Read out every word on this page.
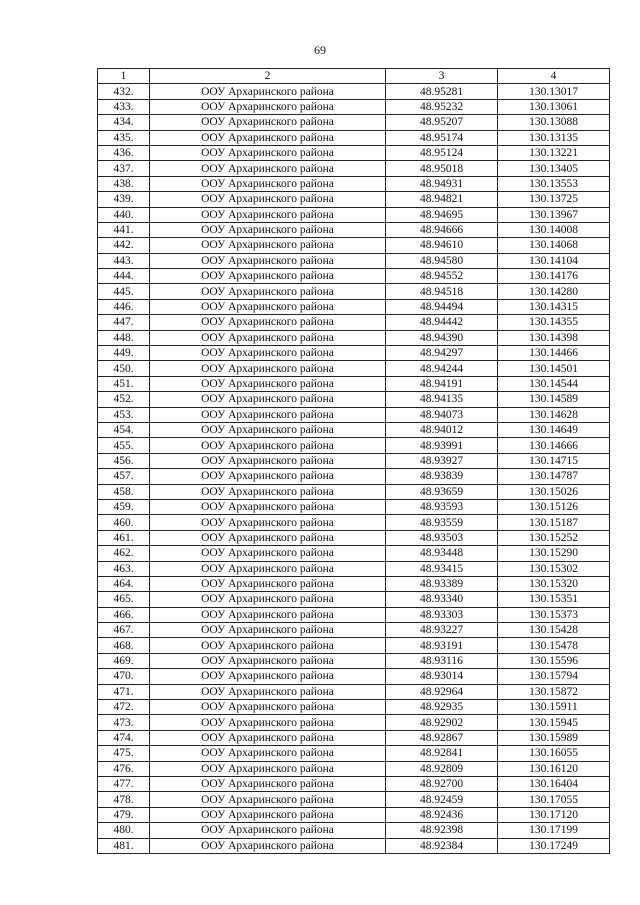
69
1	2	3	4
432.	ООУ Архаринского района	48.95281	130.13017
433.	ООУ Архаринского района	48.95232	130.13061
434.	ООУ Архаринского района	48.95207	130.13088
435.	ООУ Архаринского района	48.95174	130.13135
436.	ООУ Архаринского района	48.95124	130.13221
437.	ООУ Архаринского района	48.95018	130.13405
438.	ООУ Архаринского района	48.94931	130.13553
439.	ООУ Архаринского района	48.94821	130.13725
440.	ООУ Архаринского района	48.94695	130.13967
441.	ООУ Архаринского района	48.94666	130.14008
442.	ООУ Архаринского района	48.94610	130.14068
443.	ООУ Архаринского района	48.94580	130.14104
444.	ООУ Архаринского района	48.94552	130.14176
445.	ООУ Архаринского района	48.94518	130.14280
446.	ООУ Архаринского района	48.94494	130.14315
447.	ООУ Архаринского района	48.94442	130.14355
448.	ООУ Архаринского района	48.94390	130.14398
449.	ООУ Архаринского района	48.94297	130.14466
450.	ООУ Архаринского района	48.94244	130.14501
451.	ООУ Архаринского района	48.94191	130.14544
452.	ООУ Архаринского района	48.94135	130.14589
453.	ООУ Архаринского района	48.94073	130.14628
454.	ООУ Архаринского района	48.94012	130.14649
455.	ООУ Архаринского района	48.93991	130.14666
456.	ООУ Архаринского района	48.93927	130.14715
457.	ООУ Архаринского района	48.93839	130.14787
458.	ООУ Архаринского района	48.93659	130.15026
459.	ООУ Архаринского района	48.93593	130.15126
460.	ООУ Архаринского района	48.93559	130.15187
461.	ООУ Архаринского района	48.93503	130.15252
462.	ООУ Архаринского района	48.93448	130.15290
463.	ООУ Архаринского района	48.93415	130.15302
464.	ООУ Архаринского района	48.93389	130.15320
465.	ООУ Архаринского района	48.93340	130.15351
466.	ООУ Архаринского района	48.93303	130.15373
467.	ООУ Архаринского района	48.93227	130.15428
468.	ООУ Архаринского района	48.93191	130.15478
469.	ООУ Архаринского района	48.93116	130.15596
470.	ООУ Архаринского района	48.93014	130.15794
471.	ООУ Архаринского района	48.92964	130.15872
472.	ООУ Архаринского района	48.92935	130.15911
473.	ООУ Архаринского района	48.92902	130.15945
474.	ООУ Архаринского района	48.92867	130.15989
475.	ООУ Архаринского района	48.92841	130.16055
476.	ООУ Архаринского района	48.92809	130.16120
477.	ООУ Архаринского района	48.92700	130.16404
478.	ООУ Архаринского района	48.92459	130.17055
479.	ООУ Архаринского района	48.92436	130.17120
480.	ООУ Архаринского района	48.92398	130.17199
481.	ООУ Архаринского района	48.92384	130.17249
